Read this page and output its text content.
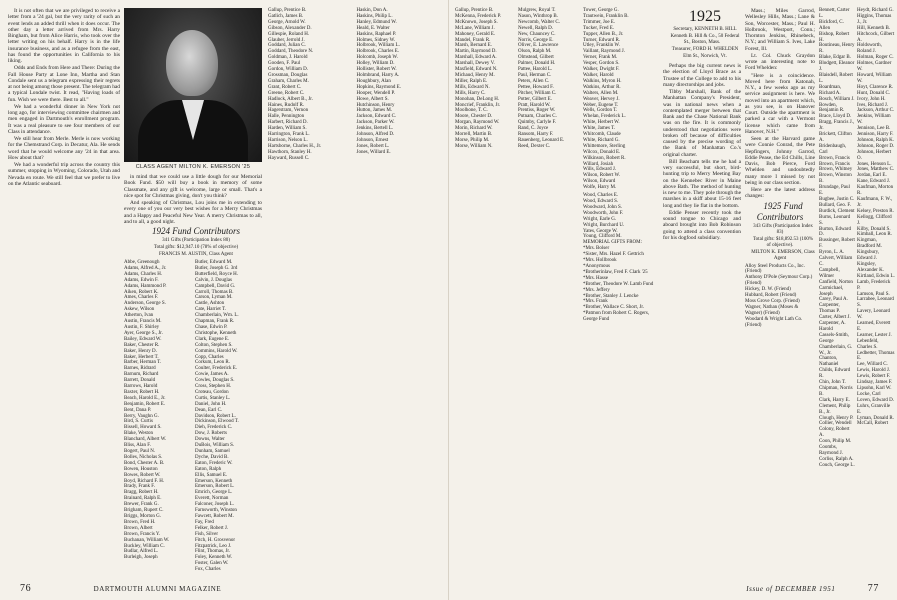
It is not often that we are privileged to receive a letter from a '24 gal, but the very rarity of such an event lends an added thrill when it does occur. The other day a letter arrived from Mrs. Harry Bingham, but from Alice Harris, who took over the letter writing on his behalf. Harry is in the life insurance business, and as a refugee from the east, has found the opportunities in California to his liking.

Odds and Ends from Here and There: During the Fall House Party at Lone Inn, Martha and Stan Condale sent us a telegram expressing their regrets at not being among those present. The telegram had a typical Londale twist. It read, "Having loads of fun. Wish we were there. Best to all."

We had a wonderful dinner in New York not long ago, for interviewing committee chairmen and men engaged in Dartmouth's enrollment program. It was a real pleasure to see four members of our Class in attendance.

We still hear from Merle. Merle is now working for the Chemstrand Corp. in Decatur, Ala. He sends word that he would welcome any '24 in that area. How about that?

We had a wonderful trip across the country this summer, stopping in Wyoming, Colorado, Utah and Nevada en route. We still feel that we prefer to live on the Atlantic seaboard.

CLASS AGENT MILTON K. EMERSON '25

in mind that we could use a little dough for our Memorial Book Fund. $50 will buy a book in memory of some Classmate, and any gift is welcome, large or small. That's a nice spot for Christmas giving, don't you think?

And speaking of Christmas, Lou joins me in extending to every one of you our very best wishes for a Merry Christmas and a Happy and Peaceful New Year. A merry Christmas to all, and to all, a good night.

1924 Fund Contributors

341 Gifts (Participation Index 80)

Total gifts: $12,947.10 (78% of objective)

FRANCIS M. AUSTIN, Class Agent

Abbe, Greenough
Adams, Alfred A., Jr.
Adams, Charles H.
Adams, Edwin F.
Adams, Hammond P.
Aiken, Robert K.
Ames, Charles F.
Anderson, George S.
Askew, Wilson
Atherton, Ivan
Austin, Francis M.
Austin, F. Shirley
Ayer, George S., Jr.
Bailey, Edward W.
Baker, Chester R.
Baker, Henry D.
Baker, Herbert T.
Barber, Herman T.
Barnes, Ridrard
Barnum, Richard
Barrett, Donald
Barrows, Harold
Baxter, Robert H.
Beach, Harold E., Jr.
Benjamin, Robert E.
Bent, Dana P.
Berry, Vaughn G.
Bird, S. Curtis
Bissell, Howard S.
Blake, Weston
Blanchard, Albert W.
Bliss, Alan F.
Bogert, Paul N.
Bolles, Nicholas S.
Bond, Chester A. B.
Bowen, Houston
Bowes, Robert W.
Boyd, Richard F. H.
Brady, Frank F.
Bragg, Robert H.
Brainard, Ralph E.
Brewer, Frank G.
Brigham, Rupert C.
Briggs, Morton G.
Brown, Fred H.
Brown, Albert
Brown, Francis Y.
Buchanan, William W.
Buckley, William C.
Budlar, Alfred L.
Burleigh, Joseph
Butler, Edward M.
Butler, Joseph G. 3rd
Butterfield, Royce H.
Calvin, J. Douglas
Campbell, David G.
Carroll, Thomas B.
Carson, Lyman M.
Castle, Ashton
Cate, Harriet T.
Chamberlain, Wm. L.
Chapman, Frank R.
Chase, Edwin P.
Christophe, Kenneth
Clark, Eugene E.
Colton, Stephen S.
Commins, Harold W.
Copp, Charles
Corkum, Leon R.
Coulter, Frederick E.
Cowie, James A.
Cowles, Douglas S.
Cross, Stephen H.
Croteau, Gordon
Curtis, Stanley L.
Daniel, John H.
Dean, Earl C.
Davidson, Robert L.
Dickinson, Elwood T.
Dieh, Frederick C.
Dow, J. Roberts
Downs, Walter
DuBois, William S.
Dunham, Samuel
Dyche, David B.
Eaton, Frederic W.
Eaton, Ralph
Ellis, Samuel E.
Emerson, Kenneth
Emerson, Robert L.
Emrich, George L.
Everett, Norman
Falconer, Joseph L.
Farnsworth, Winston
Fawcett, Robert M.
Fay, Fred
Felker, Robert J.
Fish, Silver
Fitch, H. Grosvenor
Fitzpatrick, Leo J.
Flint, Thomas, Jr.
Foley, Kenneth W.
Foster, Galen W.
Fox, Charles
Gallup, Prentice B.
Gatlich, James B.
George, Arnold W.
Gibson, Alexander D.
Gillespie, Roland H.
Glauber, Jerrold J.
Goddard, Julian C.
Goddard, Theodore N.
Goldman, J. Harold
Gooden, F. Paul
Gordon, William D.
Grossman, Douglas
Graham, Charles M.
Grant, Robert C.
Greene, Robert C.
Hadlock, Albert B., Jr.
Haines, Rudolf R.
Hagerstram, Vernon
Halle, Pennington
Harbert, Richard D.
Harden, William S.
Harrington, Frank L.
Harrison, Nelson L.
Hartsborne, Charles H., Jr.
Hawthorn, Stanley H.
Hayward, Russell C.
Haskin, Don A.
Haskins, Philip L.
Hanley, Edmund W.
Heald, E. Walter
Haskins, Raphael P.
Holmes, Sidney W.
Holbrook, William L.
Holbrook, Charles E.
Holcomb, Joseph W.
Holley, William D.
Hollister, Robert W.
Holmbrand, Harry A.
Houghbury, Alan
Hopkins, Raymond E.
Hooper, Wendell P.
Howe, Albert S.
Hutchinson, Henry
Hutton, James M.
Jackson, Edward C.
Jackson, Parker W.
Jenkins, Bertell L.
Johnson, Alfred D.
Johnson, Ernest
Jones, Robert L.
Jones, Willard E.
76	DARTMOUTH ALUMNI MAGAZINE
Gallup, Prentice B.
McKenna, Frederick P.
McKnown, Joseph S.
McLane, William J.
Mahoney, Gerald E.
Mandel, Frank R.
Marsh, Bernard E.
Martin, Raymond D.
Marshall, Edward A.
Marshall, Dewey V.
Maxfield, Edward N.
Michaud, Henry M.
Miller, Ralph E.
Mills, Edward N.
Mills, Harry C.
Monohan, DeLong H.
Moncrief, Franklin, Jr.
Moolhone, T. C.
Moore, Chester D.
Morgan, Raymond W.
Morin, Richard W.
Morrell, Martin B.
Morse, Philip M.
Morse, William N.
Mulgrew, Royal T.
Nason, Winthrop B.
Newcomb, Walter C.
Newell, Ralph D.
New, Chauncey C.
Norris, George E.
Oliver, E. Lawrence
Olson, Ralph M.
Olmstead, Gilbert
Palmer, Donald H.
Pattee, Harold L.
Paul, Herman C.
Peters, Allen C.
Pettee, Howard F.
Pitcher, William C.
Potter, Gilbert E.
Pratt, Harold W.
Prentiss, Roger W.
Putnam, Charles C.
Quimby, Carlyle F.
Rand, C. Joyce
Ransom, Harry F.
Rauenberg, Leonard E.
Reed, Dexter C.
Tower, George G.
Trautwein, Franklin B.
Trimmer, Joe E.
Tucker, Fred E.
Tupper, Allen B., Jr.
Turner, Edward R.
Utley, Franklin W.
Vaillant, Raymond J.
Verner, Frank M.
Vesper, Gordon S.
Walker, Dwight F.
Walker, Harold
Walkins, Myron H.
Watkins, Arthur R.
Walters, Allen M.
Weaver, Hervey J.
Weber, Eugene T.
Wells, Gordon T.
Whelan, Frederick L.
White, Herbert W.
White, James T.
Whitcomb, Claude
White, Richard G.
Whittemore, Sterling
Wilcox, Donald E.
Wilkinson, Robert R.
Willard, Josiah
Wills, Edward J.
Wilson, Robert W.
Wilson, Edward
Wolfe, Harry M.
Wood, Charles E.
Wood, Edward S.
Woodward, John S.
Woodworth, John F.
Wright, Earle G.
Wright, Burchard U.
Yates, George W.
Young, Clifford M.
MEMORIAL GIFTS FROM:
*Mrs. Bolser
*Sister, Mrs. Hazel F. Gettrich
*Mrs. Hollbrook
*Anonymous
*Brotherinlaw, Fred F. Clark '25
*Mrs. Hasse
*Brother, Theodore W. Lamb Fund
*Mrs. Jeffery
*Brother, Stanley J. Lencke
*Mrs. Frank
*Brother, Wallace C. Short, Jr.
*Patmon from Robert C. Rogers, George Fund

1925

Secretary, KENNETH B. HILL

Kenneth B. Hill & Co., 50 Federal St., Boston, Mass.

Treasurer, FORD H. WHELDEN

Elm St., Norwich, Vt.

Perhaps the big current news is the election of Lloyd Brace as a Trustee of the College to add to his many directorships and jobs.

Tibby Marshall, Bank of the Manhattan Company's President, was in national news when a contemplated merger between that Bank and the Chase National Bank was on the fire. It is commonly understood that negotiations were broken off because of difficulties caused by the precise wording of the Bank of Manhattan Co.'s original charter.

Bill Beacham tells me he had a very successful, but short, bird-hunting trip to Merry Meeting Bay on the Kennebec River in Maine above Bath. The method of hunting is new to me. They pole through the marshes in a skiff about 15-16 feet long and they lie flat in the bottom.

Eddie Penser recently took the sound tongue to Chicago and aboard brought into Bob Robinson going to attend a class convention for his dogfood subsidiary.

Mass.; Miles Garrod, Wellesley Hills, Mass.; Lane & Son, Worcester, Mass.; Paul H. Holbrook, Westport, Conn.; Thornton Jenkins, Rhinebeck, N.Y.; and William S. Ives, Lake Forest, Ill.

Lt. Col. Chuck Graydon wrote an interesting note to Ford Whelden:

"Here is a coincidence. Moved here from Katonah, N.Y., a few weeks ago as my service assignment is here. We moved into an apartment which, as you see, is on Hanover Court. Outside the apartment is parked a car with a Vermont license which came from Hanover, N.H."

Seen at the Harvard game were Connie Conrad, the Pete Hepfingers, Johnny Garrod, Eddie Pease, the Ed Chills, Line Davis, Bob Pierce, Ford Whelden and undoubtedly many more I missed by not being in our class section.

Here are the latest address changes:

1925 Fund Contributors

343 Gifts (Participation Index 83)

Total gifts: $18,892.53 (100% of objective).

MILTON K. EMERSON, Class Agent

Alloy Steel Products Co., Inc. (Friend)
Anthony D'Pole (Seymour Corp.) (Friend)
Hickey, D. W. (Friend)
Hubbard, Robert (Friend)
Moss Grove Corp. (Friend)
Wagner, Nathan (Moses & Wagner) (Friend)
Woodard & Wright Lath Co. (Friend)
Bennett, Carter L.
Bickford, C. Allen
Bishop, Robert H.
Boutineau, Henry R.
Blake, Edgar B.
Blodgett, Eleanor J.
Blaisdell, Robert L.
Boardman, Richard A.
Bosch, William J.
Bowden, Benjamin R.
Brace, Lloyd D.
Bragg, Francis J., Jr.
Brickett, Clifton A.
Bridenbaugh, Carl
Brown, Francis
Brown, Francis
Brown, Whitney
Brown, Winston B.
Brundage, Paul E.
Bugbee, Justin C.
Bullard, Geo. F.
Burdick, Clement
Burns, Leonard S.
Burton, Edward D.
Bussinger, Robert F.
Byron, L. A.
Calvert, William C.
Campbell, Wilmer
Canfield, Norton
Carmichael, Joseph
Carey, Paul A.
Carpenter, Thomas P.
Carter, Albert J.
Carpenter, A. Harold
Cassels-Smith, George
Chamberlain, G. W., Jr.
Chanton, Nathaniel
Childs, Edward R.
Chin, John T.
Chipman, Norris B.
Clark, Harry E.
Clement, Philip B., Jr.
Clough, Henry P.
Collier, Wendell
Colony, Robert A.
Coon, Philip M.
Coombs, Raymond J.
Corliss, Ralph A.
Couch, George L.
Heydt, Richard G.
Higgins, Thomas J., Jr.
Hill, Kenneth B.
Hitchcock, Gilbert A.
Holdsworth, Roland J.
Holman, Roger C.
Holmes, Gardner W.
Howard, William W.
Hoyt, Clarence R.
Hunt, Donald C.
Ivory, John H.
Ives, Richard J.
Jackson, Arthur C.
Jenkins, William W.
Jennison, Lee B.
Jennison, Harry F.
Johnson, Ralph K.
Johnson, Roger D.
Johnson, Herbert O.
Jones, Henson L.
Jones, Matthew C.
Jordan, Earl E.
Kane, Edward J.
Kaufman, Morton R.
Kaufmann, F. W., Jr.
Kelsey, Preston R.
Kellogg, Clifford J.
Kilby, Donald S.
Kimball, Leon R.
Kingman, Bradford M.
Kingsbury, Edward J.
Kingsley, Alexander K.
Kirtland, Edwin L.
Lamb, Frederick P.
Lamson, Paul S.
Larrabee, Leonard S.
Lavery, Leonard W.
Learned, Everett E.
Learner, Lester J.
Lebenfeld, Charles S.
Ledbetter, Thomas E.
Lee, Willard C.
Lewis, Harold J.
Lewis, Robert F.
Lindsay, James F.
Lipsohn, Karl W.
Locke, Carl
Loven, Edward D.
Luhrs, Granville E.
Lyman, Donald R.
McCall, Robert
Issue of DECEMBER 1951	77
